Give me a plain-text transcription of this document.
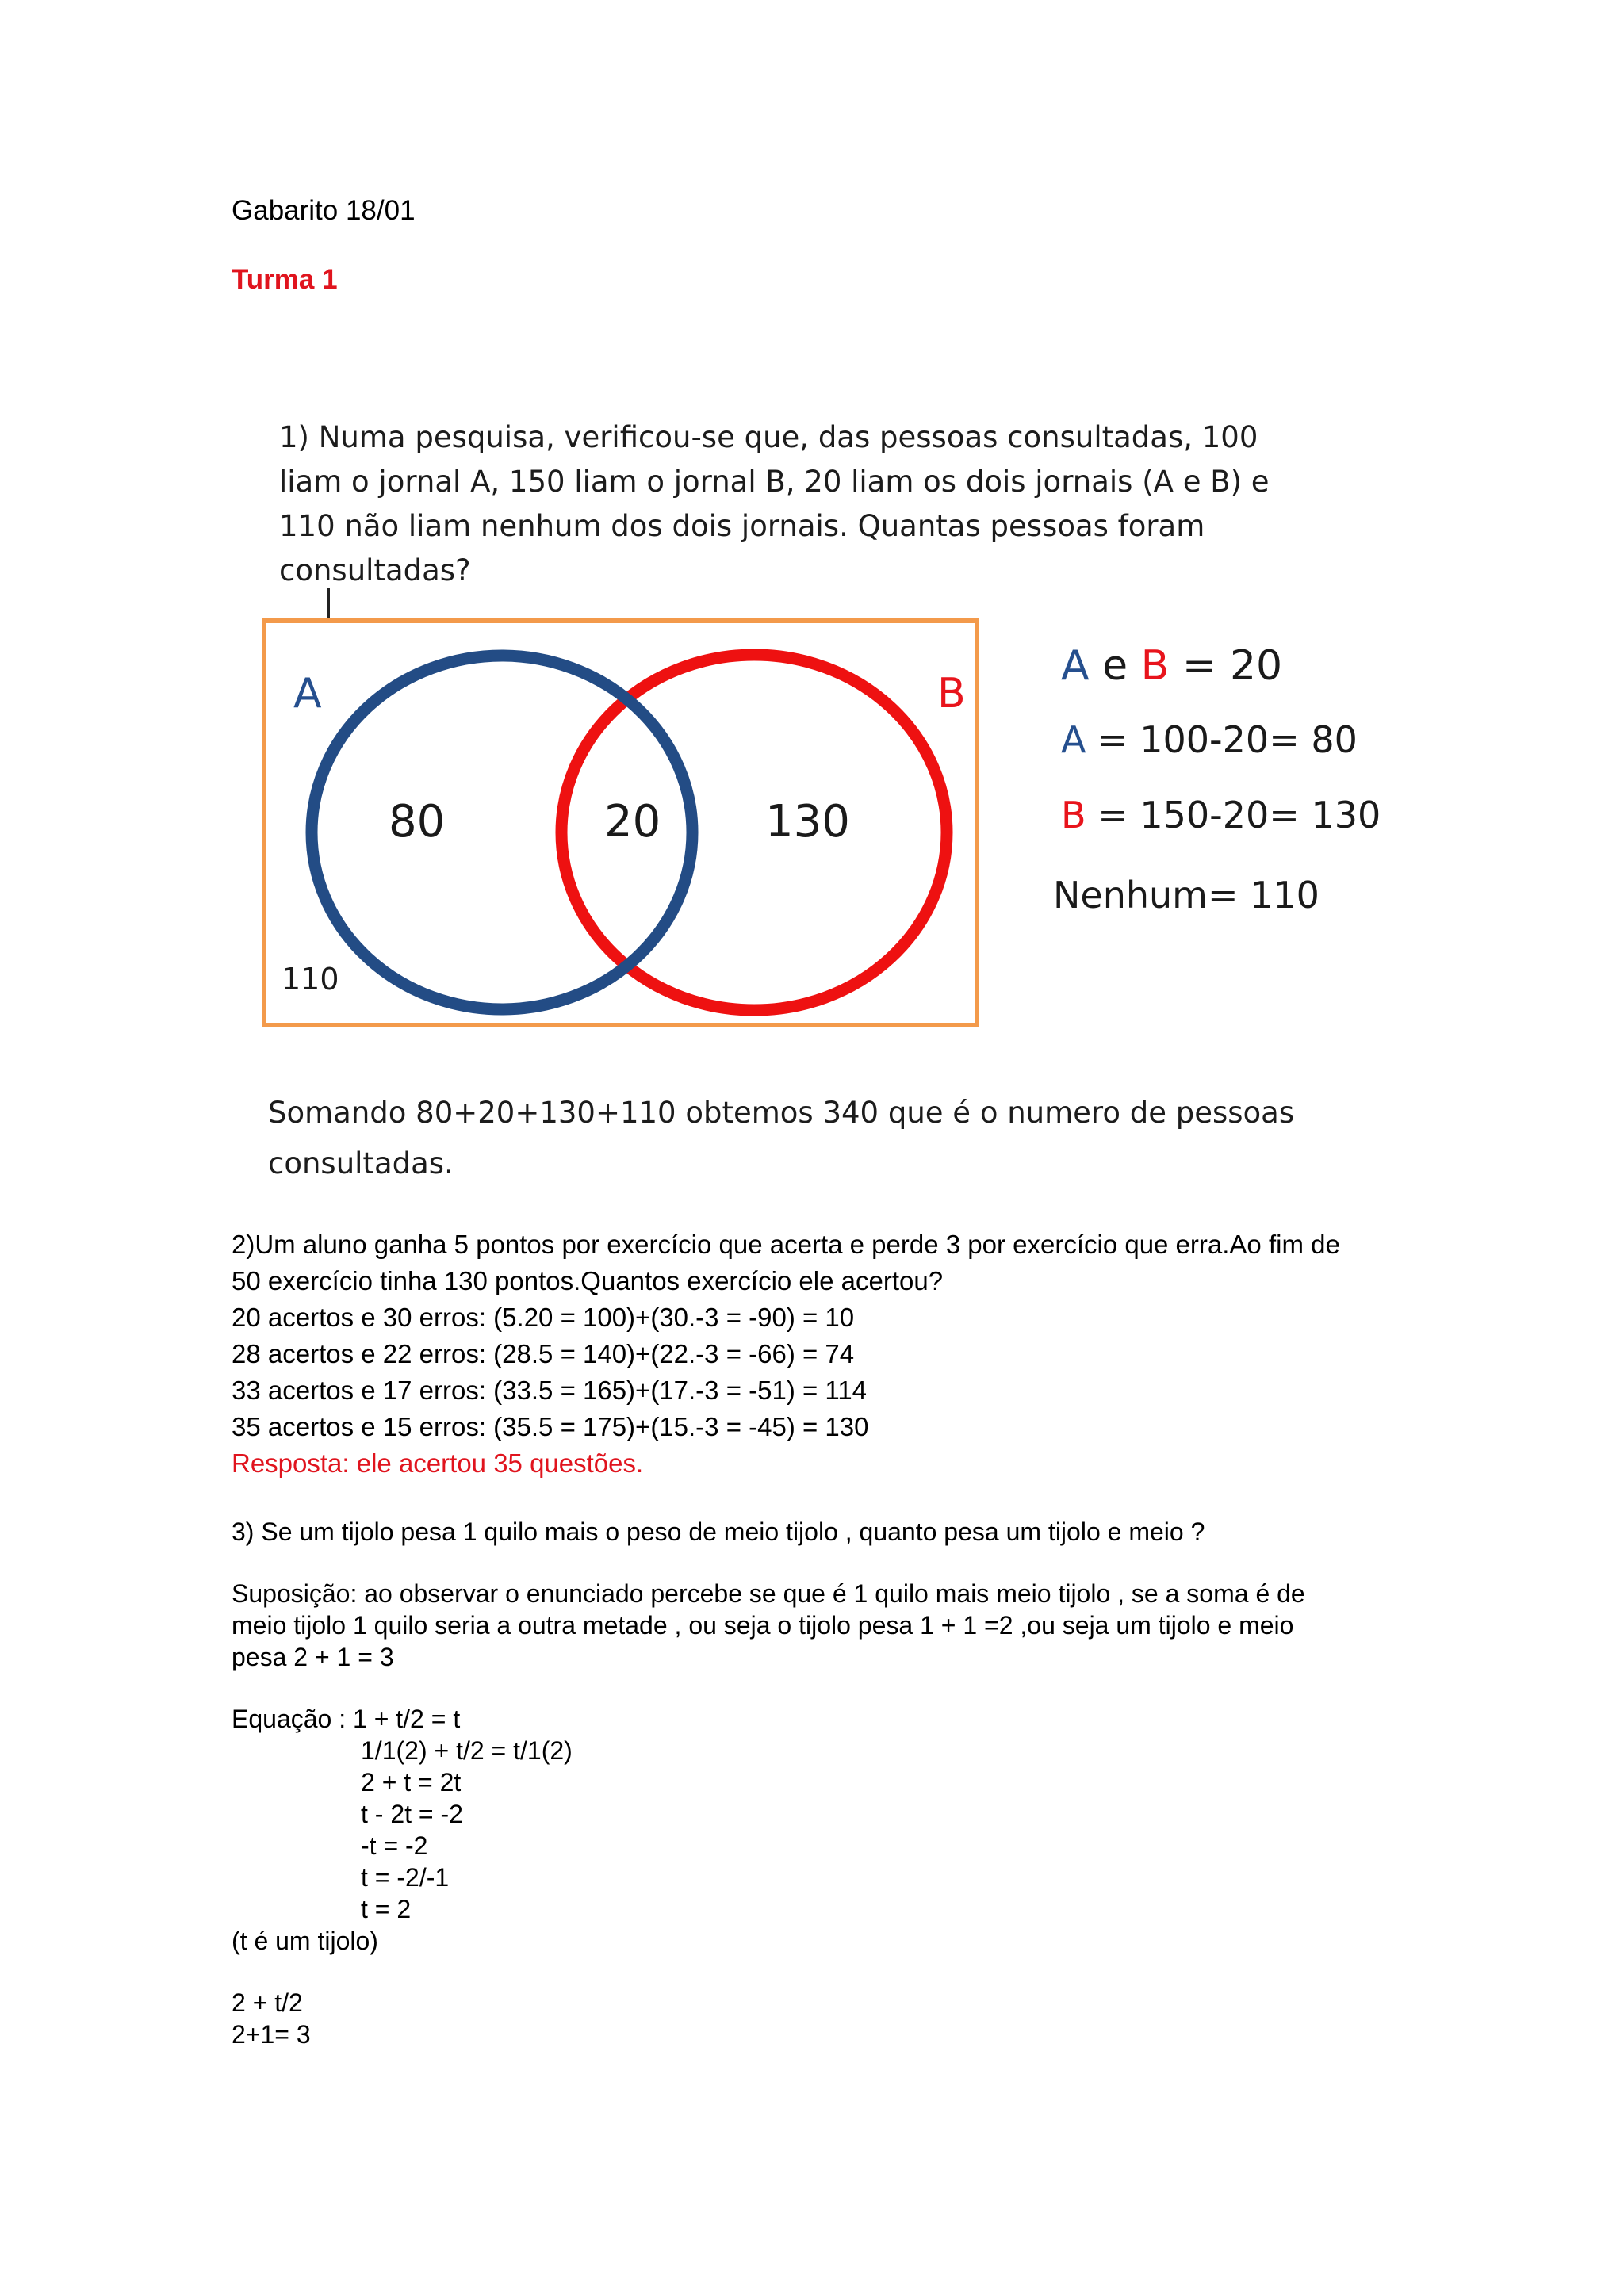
Gabarito 18/01
Turma 1
1) Numa pesquisa, verificou-se que, das pessoas consultadas, 100
liam o jornal A, 150 liam o jornal B, 20 liam os dois jornais (A e B) e
110 não liam nenhum dos dois jornais. Quantas pessoas foram
consultadas?
A	B
80	20 130
110
A e B = 20
A = 100-20= 80
B = 150-20= 130
Nenhum= 110
Somando 80+20+130+110 obtemos 340 que é o numero de pessoas
consultadas.
2)Um aluno ganha 5 pontos por exercício que acerta e perde 3 por exercício que erra.Ao fim de
50 exercício tinha 130 pontos.Quantos exercício ele acertou?
20 acertos e 30 erros: (5.20 = 100)+(30.-3 = -90) = 10
28 acertos e 22 erros: (28.5 = 140)+(22.-3 = -66) = 74
33 acertos e 17 erros: (33.5 = 165)+(17.-3 = -51) = 114
35 acertos e 15 erros: (35.5 = 175)+(15.-3 = -45) = 130
Resposta: ele acertou 35 questões.
3) Se um tijolo pesa 1 quilo mais o peso de meio tijolo , quanto pesa um tijolo e meio ?
Suposição: ao observar o enunciado percebe se que é 1 quilo mais meio tijolo , se a soma é de
meio tijolo 1 quilo seria a outra metade , ou seja o tijolo pesa 1 + 1 =2 ,ou seja um tijolo e meio
pesa 2 + 1 = 3
Equação : 1 + t/2 = t
1/1(2) + t/2 = t/1(2)
2 + t = 2t
t - 2t = -2
-t = -2
t = -2/-1
t = 2
(t é um tijolo)
2 + t/2
2+1= 3
